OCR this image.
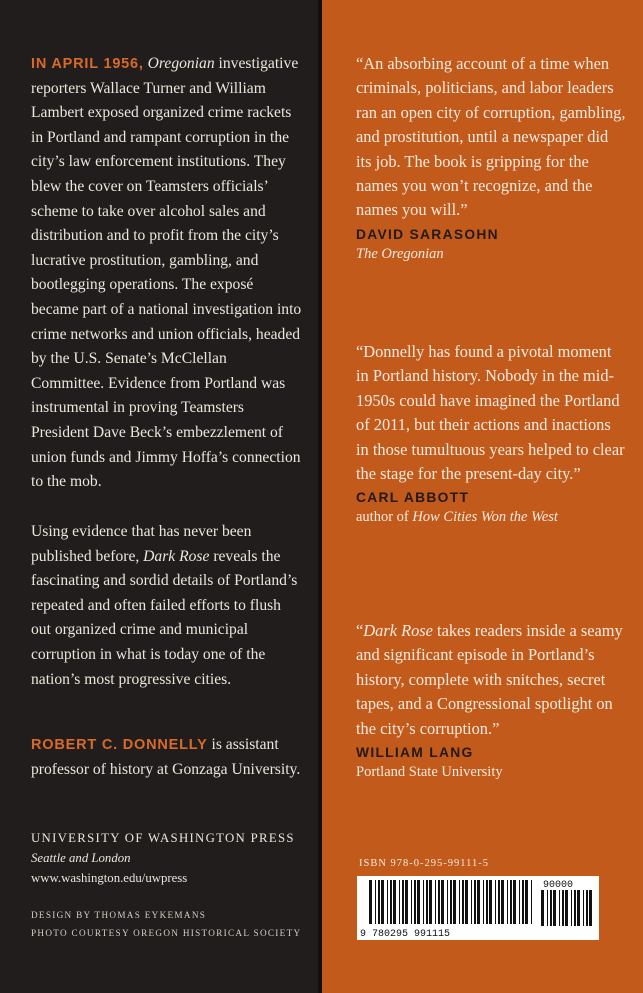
IN APRIL 1956, Oregonian investigative reporters Wallace Turner and William Lambert exposed organized crime rackets in Portland and rampant corruption in the city’s law enforcement institutions. They blew the cover on Teamsters officials’ scheme to take over alcohol sales and distribution and to profit from the city’s lucrative prostitution, gambling, and bootlegging operations. The exposé became part of a national investigation into crime networks and union officials, headed by the U.S. Senate’s McClellan Committee. Evidence from Portland was instrumental in proving Teamsters President Dave Beck’s embezzlement of union funds and Jimmy Hoffa’s connection to the mob.

Using evidence that has never been published before, Dark Rose reveals the fascinating and sordid details of Portland’s repeated and often failed efforts to flush out organized crime and municipal corruption in what is today one of the nation’s most progressive cities.

ROBERT C. DONNELLY is assistant professor of history at Gonzaga University.

UNIVERSITY OF WASHINGTON PRESS
Seattle and London
www.washington.edu/uwpress
DESIGN BY THOMAS EYKEMANS
PHOTO COURTESY OREGON HISTORICAL SOCIETY

“An absorbing account of a time when criminals, politicians, and labor leaders ran an open city of corruption, gambling, and prostitution, until a newspaper did its job. The book is gripping for the names you won’t recognize, and the names you will.”

DAVID SARASOHN

The Oregonian

“Donnelly has found a pivotal moment in Portland history. Nobody in the mid-1950s could have imagined the Portland of 2011, but their actions and inactions in those tumultuous years helped to clear the stage for the present-day city.”

CARL ABBOTT

author of How Cities Won the West

“Dark Rose takes readers inside a seamy and significant episode in Portland’s history, complete with snitches, secret tapes, and a Congressional spotlight on the city’s corruption.”

WILLIAM LANG

Portland State University

ISBN 978-0-295-99111-5
9 780295 991115
90000
